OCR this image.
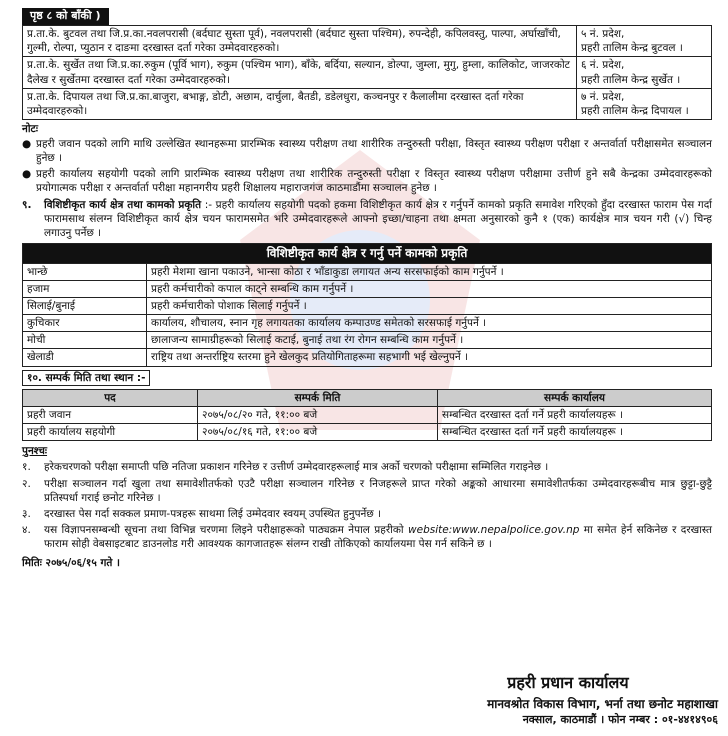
पृष्ठ ८ को बाँकी )
प्र.ता.के. बुटवल तथा जि.प्र.का.नवलपरासी (बर्दघाट सुस्ता पूर्व), नवलपरासी (बर्दघाट सुस्ता पश्चिम), रुपन्देही, कपिलवस्तु, पाल्पा, अर्घाखाँची, गुल्मी, रोल्पा, प्युठान र दाङमा दरखास्त दर्ता गरेका उम्मेदवारहरुको।	५ नं. प्रदेश,
प्रहरी तालिम केन्द्र बुटवल ।

प्र.ता.के. सुर्खेत तथा जि.प्र.का.रुकुम (पूर्वि भाग), रुकुम (पश्चिम भाग), बाँके, बर्दिया, सल्यान, डोल्पा, जुम्ला, मुगु, हुम्ला, कालिकोट, जाजरकोट दैलेख र सुर्खेतमा दरखास्त दर्ता गरेका उम्मेदवारहरुको।	६ नं. प्रदेश,
प्रहरी तालिम केन्द्र सुर्खेत ।

प्र.ता.के. दिपायल तथा जि.प्र.का.बाजुरा, बभाङ्ग, डोटी, अछाम, दार्चुला, बैतडी, डडेलधुरा, कञ्चनपुर र कैलालीमा दरखास्त दर्ता गरेका उम्मेदवारहरुको।	७ नं. प्रदेश,
प्रहरी तालिम केन्द्र दिपायल ।
नोटः
● प्रहरी जवान पदको लागि माथि उल्लेखित स्थानहरूमा प्रारम्भिक स्वास्थ्य परीक्षण तथा शारीरिक तन्दुरुस्ती परीक्षा, विस्तृत स्वास्थ्य परीक्षण परीक्षा र अन्तर्वार्ता परीक्षासमेत सञ्चालन हुनेछ ।
● प्रहरी कार्यालय सहयोगी पदको लागि प्रारम्भिक स्वास्थ्य परीक्षण तथा शारीरिक तन्दुरुस्ती परीक्षा र विस्तृत स्वास्थ्य परीक्षण परीक्षामा उत्तीर्ण हुने सबै केन्द्रका उम्मेदवारहरूको प्रयोगात्मक परीक्षा र अन्तर्वार्ता परीक्षा महानगरीय प्रहरी शिक्षालय महाराजगंज काठमाडौंमा सञ्चालन हुनेछ ।
९.	विशिष्टीकृत कार्य क्षेत्र तथा कामको प्रकृति :- प्रहरी कार्यालय सहयोगी पदको हकमा विशिष्टीकृत कार्य क्षेत्र र गर्नुपर्ने कामको प्रकृति समावेश गरिएको हुँदा दरखास्त फाराम पेस गर्दा फारामसाथ संलग्न विशिष्टीकृत कार्य क्षेत्र चयन फारामसमेत भरि उम्मेदवारहरूले आफ्नो इच्छा/चाहना तथा क्षमता अनुसारको कुनै १ (एक) कार्यक्षेत्र मात्र चयन गरी (√) चिन्ह लगाउनु पर्नेछ ।
विशिष्टीकृत कार्य क्षेत्र र गर्नु पर्ने कामको प्रकृति	
भान्छे	प्रहरी मेशमा खाना पकाउने, भान्सा कोठा र भाँडाकुडा लगायत अन्य सरसफाईको काम गर्नुपर्ने ।
हजाम	प्रहरी कर्मचारीको कपाल काट्ने सम्बन्धि काम गर्नुपर्ने ।
सिलाई/बुनाई	प्रहरी कर्मचारीको पोशाक सिलाई गर्नुपर्ने ।
कुचिकार	कार्यालय, शौचालय, स्नान गृह लगायतका कार्यालय कम्पाउण्ड समेतको सरसफाई गर्नुपर्ने ।
मोची	छालाजन्य सामाग्रीहरूको सिलाई कटाई, बुनाई तथा रंग रोगन सम्बन्धि काम गर्नुपर्ने ।
खेलाडी	राष्ट्रिय तथा अन्तर्राष्ट्रिय स्तरमा हुने खेलकुद प्रतियोगिताहरूमा सहभागी भई खेल्नुपर्ने ।
१०. सम्पर्क मिति तथा स्थान :-
पद	सम्पर्क मिति	सम्पर्क कार्यालय
प्रहरी जवान	२०७५/०८/२० गते, ११:०० बजे	सम्बन्धित दरखास्त दर्ता गर्ने प्रहरी कार्यालयहरू ।
प्रहरी कार्यालय सहयोगी	२०७५/०८/१६ गते, ११:०० बजे	सम्बन्धित दरखास्त दर्ता गर्ने प्रहरी कार्यालयहरू ।
पुनश्चः
१.	हरेकचरणको परीक्षा समाप्ती पछि नतिजा प्रकाशन गरिनेछ र उत्तीर्ण उम्मेदवारहरूलाई मात्र अर्को चरणको परीक्षामा सम्मिलित गराइनेछ ।
२.	परीक्षा सञ्चालन गर्दा खुला तथा समावेशीतर्फको एउटै परीक्षा सञ्चालन गरिनेछ र निजहरूले प्राप्त गरेको अङ्कको आधारमा समावेशीतर्फका उम्मेदवारहरूबीच मात्र छुट्टा-छुट्टै प्रतिस्पर्धा गराई छनोट गरिनेछ ।
३.	दरखास्त पेस गर्दा सक्कल प्रमाण-पत्रहरू साथमा लिई उम्मेदवार स्वयम् उपस्थित हुनुपर्नेछ ।
४.	यस विज्ञापनसम्बन्धी सूचना तथा विभिन्न चरणमा लिइने परीक्षाहरूको पाठ्यक्रम नेपाल प्रहरीको website:www.nepalpolice.gov.np मा समेत हेर्न सकिनेछ र दरखास्त फाराम सोही वेबसाइटबाट डाउनलोड गरी आवश्यक कागजातहरू संलग्न राखी तोकिएको कार्यालयमा पेस गर्न सकिने छ ।
मितिः २०७५/०६/१५ गते ।
प्रहरी प्रधान कार्यालय
मानवश्रोत विकास विभाग, भर्ना तथा छनोट महाशाखा
नक्साल, काठमाडौं । फोन नम्बर : ०१-४४१४९०६
